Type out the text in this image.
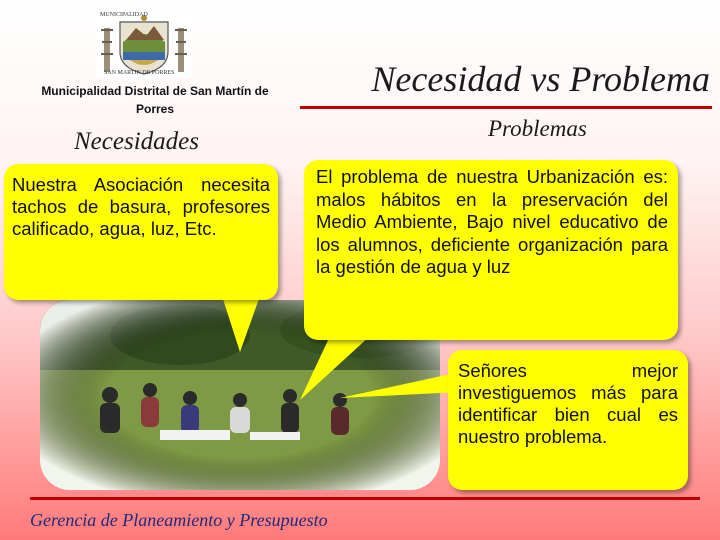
MUNICIPALIDAD
SAN MARTIN DE PORRES
Municipalidad Distrital de San Martín de Porres
Necesidad vs Problema
Necesidades	Problemas
Nuestra Asociación necesita tachos de basura, profesores calificado, agua, luz, Etc.
El problema de nuestra Urbanización es: malos hábitos en la preservación del Medio Ambiente, Bajo nivel educativo de los alumnos, deficiente organización para la gestión de agua y luz
Señores mejor investiguemos más para identificar bien cual es nuestro problema.
Gerencia de Planeamiento y Presupuesto
